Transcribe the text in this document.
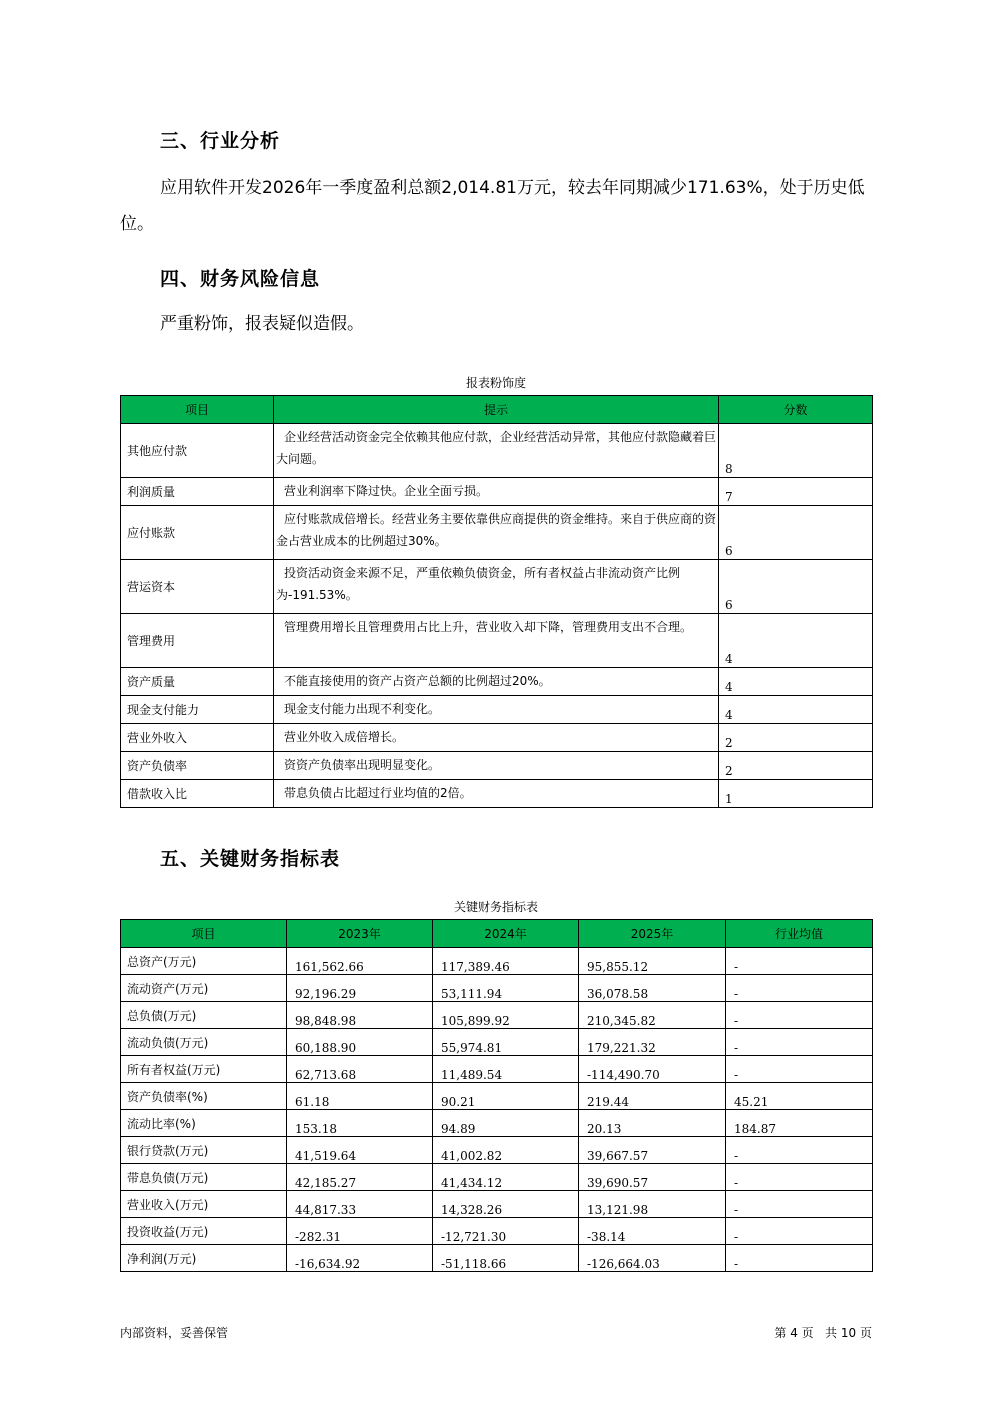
三、行业分析
应用软件开发2026年一季度盈利总额2,014.81万元，较去年同期减少171.63%，处于历史低位。
四、财务风险信息
严重粉饰，报表疑似造假。
报表粉饰度
项目	提示	分数
其他应付款	企业经营活动资金完全依赖其他应付款，企业经营活动异常，其他应付款隐藏着巨大问题。	8
利润质量	营业利润率下降过快。企业全面亏损。	7
应付账款	应付账款成倍增长。经营业务主要依靠供应商提供的资金维持。来自于供应商的资金占营业成本的比例超过30%。	6
营运资本	投资活动资金来源不足，严重依赖负债资金，所有者权益占非流动资产比例为-191.53%。	6
管理费用	管理费用增长且管理费用占比上升，营业收入却下降，管理费用支出不合理。	4
资产质量	不能直接使用的资产占资产总额的比例超过20%。	4
现金支付能力	现金支付能力出现不利变化。	4
营业外收入	营业外收入成倍增长。	2
资产负债率	资资产负债率出现明显变化。	2
借款收入比	带息负债占比超过行业均值的2倍。	1
五、关键财务指标表
关键财务指标表
项目	2023年	2024年	2025年	行业均值
总资产(万元)	161,562.66	117,389.46	95,855.12	-
流动资产(万元)	92,196.29	53,111.94	36,078.58	-
总负债(万元)	98,848.98	105,899.92	210,345.82	-
流动负债(万元)	60,188.90	55,974.81	179,221.32	-
所有者权益(万元)	62,713.68	11,489.54	-114,490.70	-
资产负债率(%)	61.18	90.21	219.44	45.21
流动比率(%)	153.18	94.89	20.13	184.87
银行贷款(万元)	41,519.64	41,002.82	39,667.57	-
带息负债(万元)	42,185.27	41,434.12	39,690.57	-
营业收入(万元)	44,817.33	14,328.26	13,121.98	-
投资收益(万元)	-282.31	-12,721.30	-38.14	-
净利润(万元)	-16,634.92	-51,118.66	-126,664.03	-
内部资料，妥善保管	第 4 页   共 10 页
